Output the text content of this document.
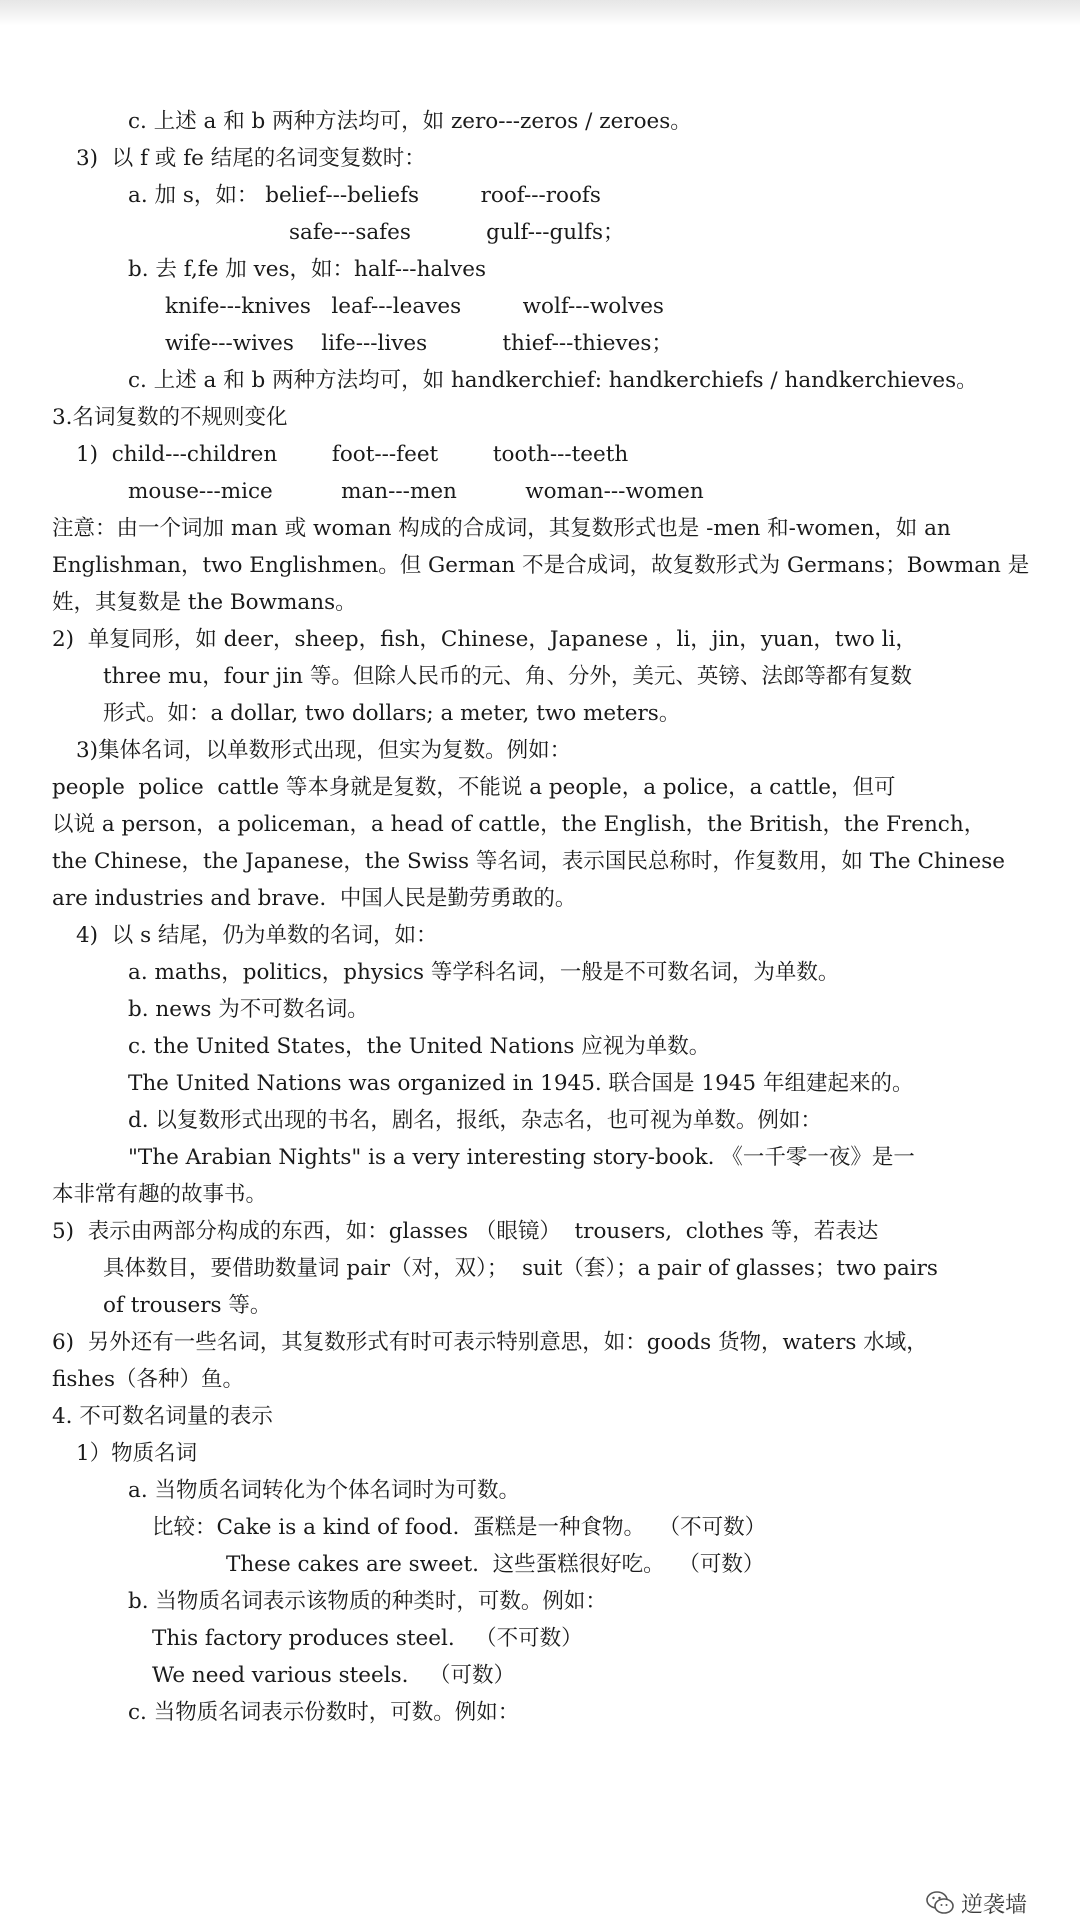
c. 上述 a 和 b 两种方法均可，如 zero---zeros / zeroes。

3)  以 f 或 fe 结尾的名词变复数时：

a. 加 s，如： belief---beliefs         roof---roofs

safe---safes           gulf---gulfs；

b. 去 f,fe 加 ves，如：half---halves

knife---knives   leaf---leaves         wolf---wolves

wife---wives    life---lives           thief---thieves；

c. 上述 a 和 b 两种方法均可，如 handkerchief: handkerchiefs / handkerchieves。

3.名词复数的不规则变化

1)  child---children        foot---feet        tooth---teeth

mouse---mice          man---men          woman---women

注意：由一个词加 man 或 woman 构成的合成词，其复数形式也是 -men 和-women，如 an

Englishman，two Englishmen。但 German 不是合成词，故复数形式为 Germans；Bowman 是

姓，其复数是 the Bowmans。

2)  单复同形，如 deer，sheep，fish，Chinese，Japanese ，li，jin，yuan，two li，

three mu，four jin 等。但除人民币的元、角、分外，美元、英镑、法郎等都有复数

形式。如：a dollar, two dollars; a meter, two meters。

3)集体名词，以单数形式出现，但实为复数。例如：

people  police  cattle 等本身就是复数，不能说 a people，a police，a cattle，但可

以说 a person，a policeman，a head of cattle，the English，the British，the French，

the Chinese，the Japanese，the Swiss 等名词，表示国民总称时，作复数用，如 The Chinese

are industries and brave.  中国人民是勤劳勇敢的。

4)  以 s 结尾，仍为单数的名词，如：

a. maths，politics，physics 等学科名词，一般是不可数名词，为单数。

b. news 为不可数名词。

c. the United States，the United Nations 应视为单数。

The United Nations was organized in 1945. 联合国是 1945 年组建起来的。

d. 以复数形式出现的书名，剧名，报纸，杂志名，也可视为单数。例如：

"The Arabian Nights" is a very interesting story-book. 《一千零一夜》是一

本非常有趣的故事书。

5)  表示由两部分构成的东西，如：glasses （眼镜）  trousers,  clothes 等，若表达

具体数目，要借助数量词 pair（对，双）；  suit（套）；a pair of glasses；two pairs

of trousers 等。

6)  另外还有一些名词，其复数形式有时可表示特别意思，如：goods 货物，waters 水域，

fishes（各种）鱼。

4. 不可数名词量的表示

1）物质名词

a. 当物质名词转化为个体名词时为可数。

比较：Cake is a kind of food.  蛋糕是一种食物。  （不可数）

These cakes are sweet.  这些蛋糕很好吃。  （可数）

b. 当物质名词表示该物质的种类时，可数。例如：

This factory produces steel.   （不可数）

We need various steels.   （可数）

c. 当物质名词表示份数时，可数。例如：

逆袭墙
